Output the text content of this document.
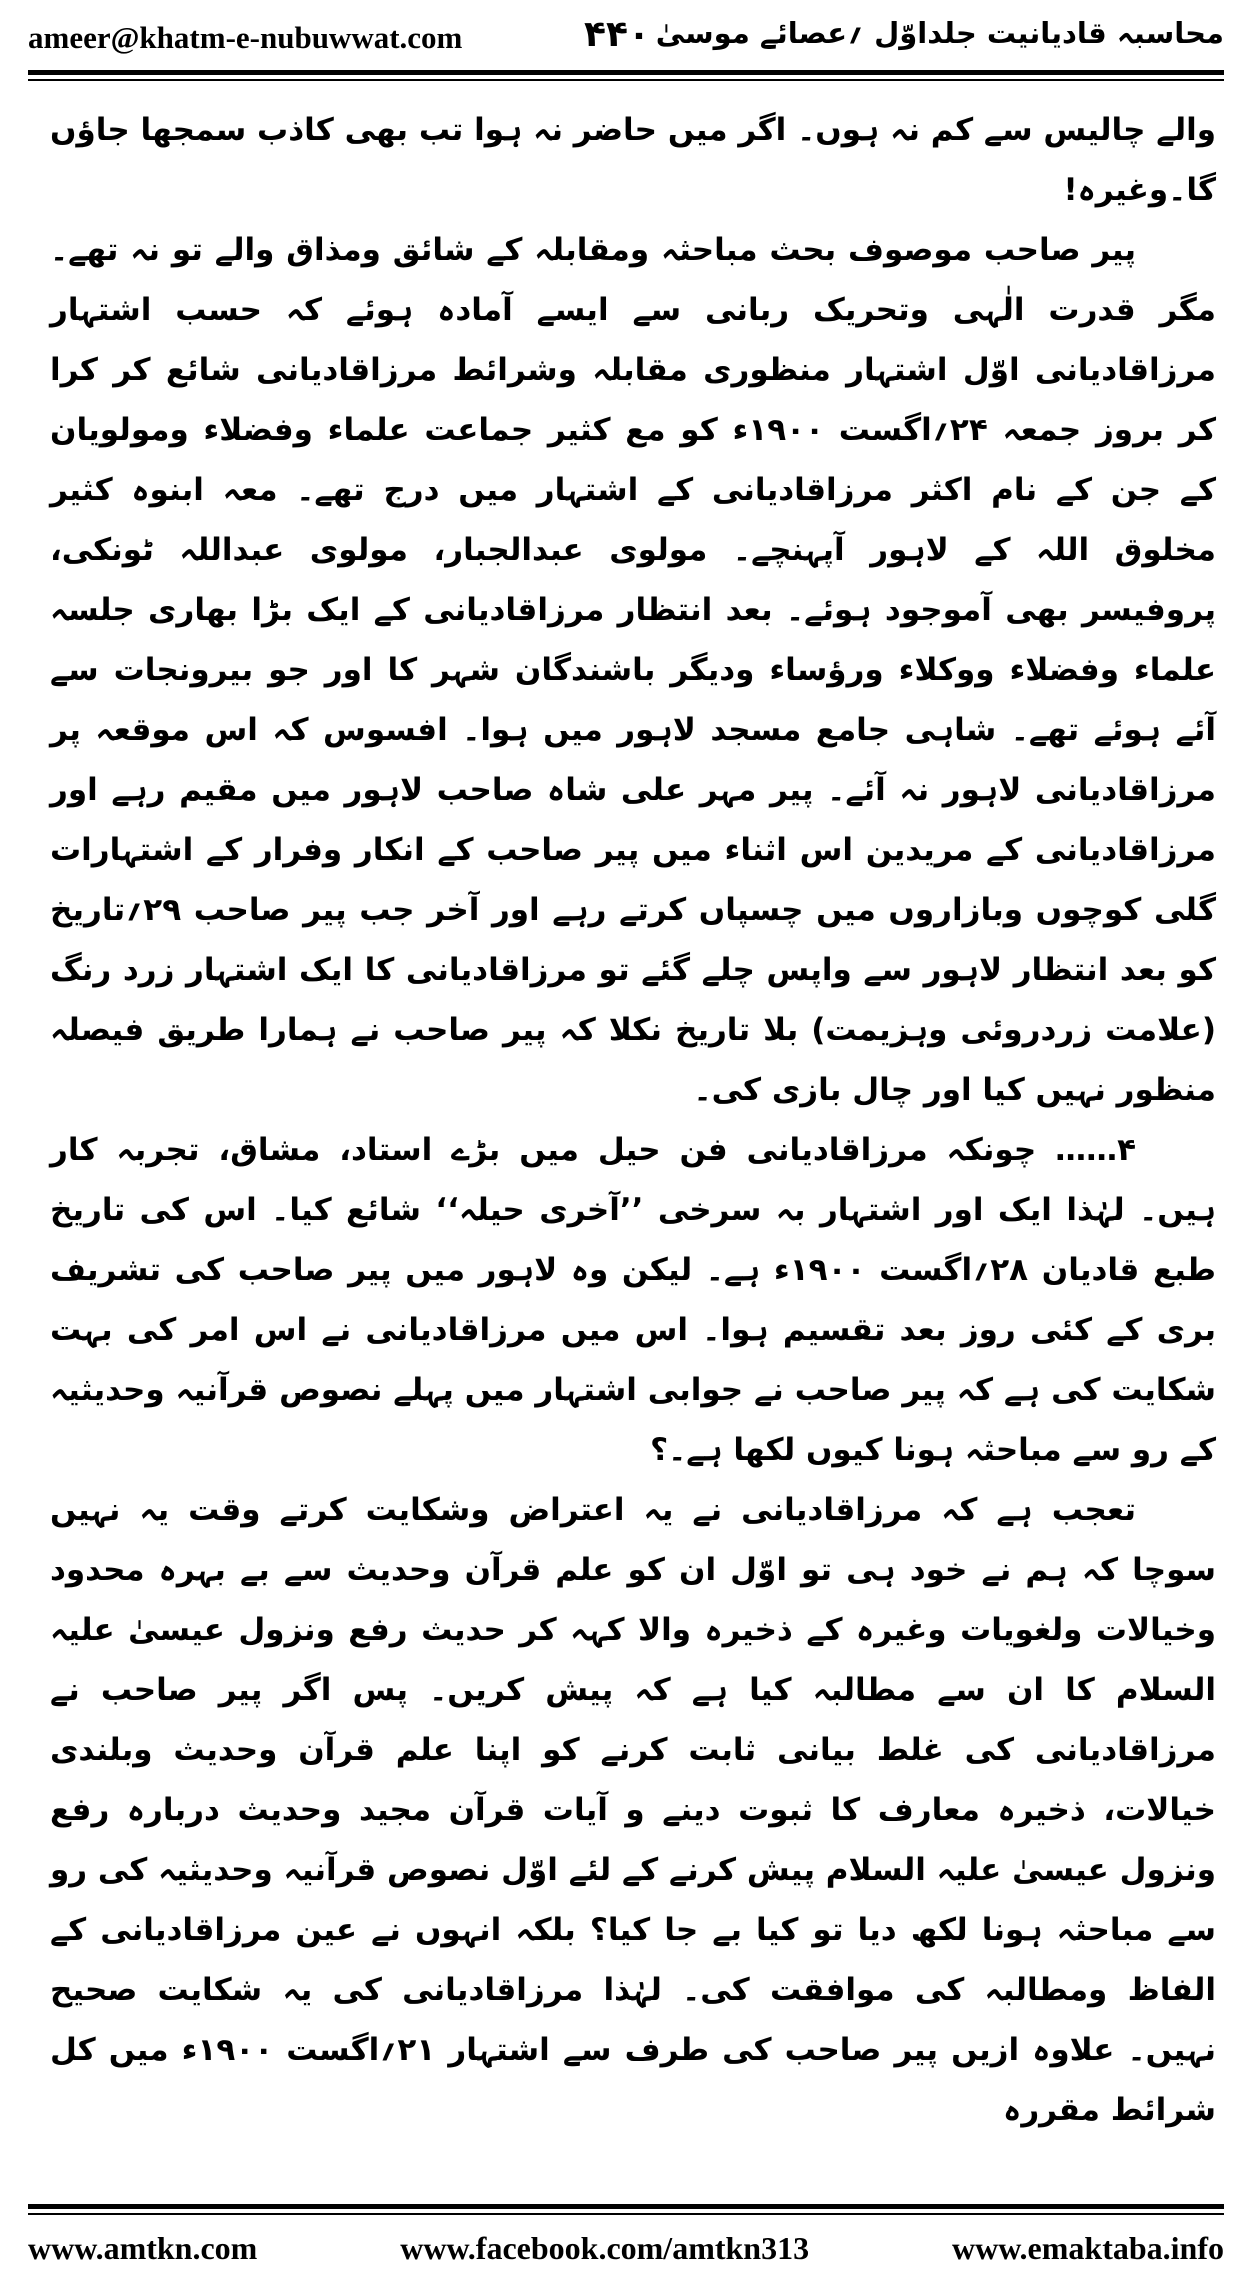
ameer@khatm-e-nubuwwat.com	۴۴۰ محاسبہ قادیانیت جلداوّل ؍عصائے موسیٰ

والے چالیس سے کم نہ ہوں۔ اگر میں حاضر نہ ہوا تب بھی کاذب سمجھا جاؤں گا۔وغیرہ!

پیر صاحب موصوف بحث مباحثہ ومقابلہ کے شائق ومذاق والے تو نہ تھے۔ مگر قدرت الٰہی وتحریک ربانی سے ایسے آمادہ ہوئے کہ حسب اشتہار مرزاقادیانی اوّل اشتہار منظوری مقابلہ وشرائط مرزاقادیانی شائع کر کرا کر بروز جمعہ ۲۴؍اگست ۱۹۰۰ء کو مع کثیر جماعت علماء وفضلاء ومولویان کے جن کے نام اکثر مرزاقادیانی کے اشتہار میں درج تھے۔ معہ ابنوہ کثیر مخلوق اللہ کے لاہور آپہنچے۔ مولوی عبدالجبار، مولوی عبداللہ ٹونکی، پروفیسر بھی آموجود ہوئے۔ بعد انتظار مرزاقادیانی کے ایک بڑا بھاری جلسہ علماء وفضلاء ووکلاء ورؤساء ودیگر باشندگان شہر کا اور جو بیرونجات سے آئے ہوئے تھے۔ شاہی جامع مسجد لاہور میں ہوا۔ افسوس کہ اس موقعہ پر مرزاقادیانی لاہور نہ آئے۔ پیر مہر علی شاہ صاحب لاہور میں مقیم رہے اور مرزاقادیانی کے مریدین اس اثناء میں پیر صاحب کے انکار وفرار کے اشتہارات گلی کوچوں وبازاروں میں چسپاں کرتے رہے اور آخر جب پیر صاحب ۲۹؍تاریخ کو بعد انتظار لاہور سے واپس چلے گئے تو مرزاقادیانی کا ایک اشتہار زرد رنگ (علامت زردروئی وہزیمت) بلا تاریخ نکلا کہ پیر صاحب نے ہمارا طریق فیصلہ منظور نہیں کیا اور چال بازی کی۔

۴…… چونکہ مرزاقادیانی فن حیل میں بڑے استاد، مشاق، تجربہ کار ہیں۔ لہٰذا ایک اور اشتہار بہ سرخی ’’آخری حیلہ‘‘ شائع کیا۔ اس کی تاریخ طبع قادیان ۲۸؍اگست ۱۹۰۰ء ہے۔ لیکن وہ لاہور میں پیر صاحب کی تشریف بری کے کئی روز بعد تقسیم ہوا۔ اس میں مرزاقادیانی نے اس امر کی بہت شکایت کی ہے کہ پیر صاحب نے جوابی اشتہار میں پہلے نصوص قرآنیہ وحدیثیہ کے رو سے مباحثہ ہونا کیوں لکھا ہے۔؟

تعجب ہے کہ مرزاقادیانی نے یہ اعتراض وشکایت کرتے وقت یہ نہیں سوچا کہ ہم نے خود ہی تو اوّل ان کو علم قرآن وحدیث سے بے بہرہ محدود وخیالات ولغویات وغیرہ کے ذخیرہ والا کہہ کر حدیث رفع ونزول عیسیٰ علیہ السلام کا ان سے مطالبہ کیا ہے کہ پیش کریں۔ پس اگر پیر صاحب نے مرزاقادیانی کی غلط بیانی ثابت کرنے کو اپنا علم قرآن وحدیث وبلندی خیالات، ذخیرہ معارف کا ثبوت دینے و آیات قرآن مجید وحدیث دربارہ رفع ونزول عیسیٰ علیہ السلام پیش کرنے کے لئے اوّل نصوص قرآنیہ وحدیثیہ کی رو سے مباحثہ ہونا لکھ دیا تو کیا بے جا کیا؟ بلکہ انہوں نے عین مرزاقادیانی کے الفاظ ومطالبہ کی موافقت کی۔ لہٰذا مرزاقادیانی کی یہ شکایت صحیح نہیں۔ علاوہ ازیں پیر صاحب کی طرف سے اشتہار ۲۱؍اگست ۱۹۰۰ء میں کل شرائط مقررہ

www.amtkn.com	www.facebook.com/amtkn313	www.emaktaba.info
